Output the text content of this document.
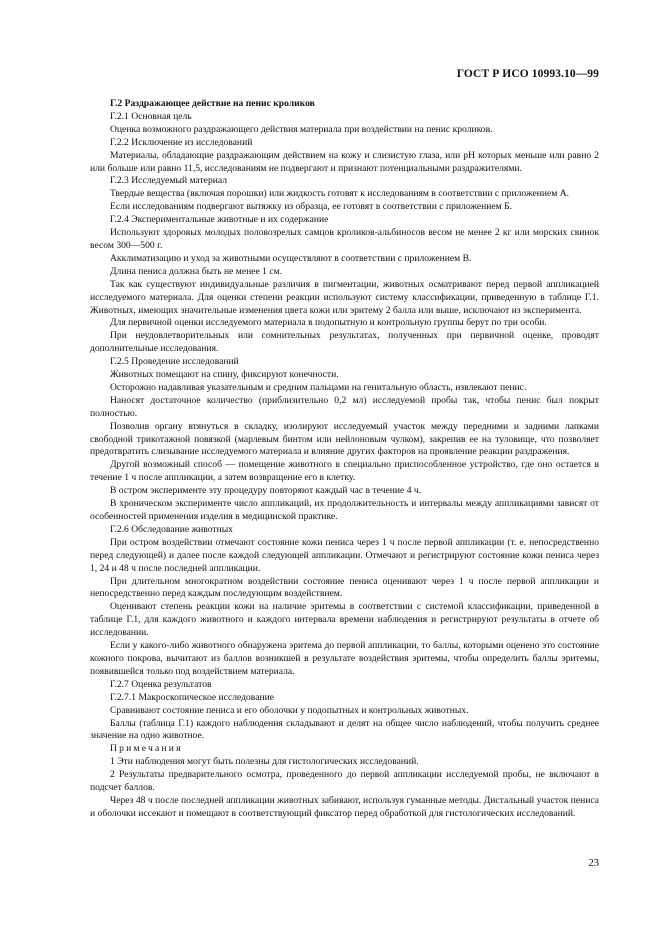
ГОСТ Р ИСО 10993.10—99

Г.2 Раздражающее действие на пенис кроликов

Г.2.1 Основная цель

Оценка возможного раздражающего действия материала при воздействии на пенис кроликов.

Г.2.2 Исключение из исследований

Материалы, обладающие раздражающим действием на кожу и слизистую глаза, или pH которых меньше или равно 2 или больше или равно 11,5, исследованиям не подвергают и признают потенциальными раздражителями.

Г.2.3 Исследуемый материал

Твердые вещества (включая порошки) или жидкость готовят к исследованиям в соответствии с приложением А.

Если исследованиям подвергают вытяжку из образца, ее готовят в соответствии с приложением Б.

Г.2.4 Экспериментальные животные и их содержание

Используют здоровых молодых половозрелых самцов кроликов-альбиносов весом не менее 2 кг или морских свинок весом 300—500 г.

Акклиматизацию и уход за животными осуществляют в соответствии с приложением В.

Длина пениса должна быть не менее 1 см.

Так как существуют индивидуальные различия в пигментации, животных осматривают перед первой аппликацией исследуемого материала. Для оценки степени реакции используют систему классификации, приведенную в таблице Г.1. Животных, имеющих значительные изменения цвета кожи или эритему 2 балла или выше, исключают из эксперимента.

Для первичной оценки исследуемого материала в подопытную и контрольную группы берут по три особи.

При неудовлетворительных или сомнительных результатах, полученных при первичной оценке, проводят дополнительные исследования.

Г.2.5 Проведение исследований

Животных помещают на спину, фиксируют конечности.

Осторожно надавливая указательным и средним пальцами на генитальную область, извлекают пенис.

Наносят достаточное количество (приблизительно 0,2 мл) исследуемой пробы так, чтобы пенис был покрыт полностью.

Позволив органу втянуться в складку, изолируют исследуемый участок между передними и задними лапками свободной трикотажной повязкой (марлевым бинтом или нейлоновым чулком), закрепив ее на туловище, что позволяет предотвратить слизывание исследуемого материала и влияние других факторов на проявление реакции раздражения.

Другой возможный способ — помещение животного в специально приспособленное устройство, где оно остается в течение 1 ч после аппликации, а затем возвращение его в клетку.

В остром эксперименте эту процедуру повторяют каждый час в течение 4 ч.

В хроническом эксперименте число аппликаций, их продолжительность и интервалы между аппликациями зависят от особенностей применения изделия в медицинской практике.

Г.2.6 Обследование животных

При остром воздействии отмечают состояние кожи пениса через 1 ч после первой аппликации (т. е. непосредственно перед следующей) и далее после каждой следующей аппликации. Отмечают и регистрируют состояние кожи пениса через 1, 24 и 48 ч после последней аппликации.

При длительном многократном воздействии состояние пениса оценивают через 1 ч после первой аппликации и непосредственно перед каждым последующим воздействием.

Оценивают степень реакции кожи на наличие эритемы в соответствии с системой классификации, приведенной в таблице Г.1, для каждого животного и каждого интервала времени наблюдения и регистрируют результаты в отчете об исследовании.

Если у какого-либо животного обнаружена эритема до первой аппликации, то баллы, которыми оценено это состояние кожного покрова, вычитают из баллов возникшей в результате воздействия эритемы, чтобы определить баллы эритемы, появившейся только под воздействием материала.

Г.2.7 Оценка результатов

Г.2.7.1 Макроскопическое исследование

Сравнивают состояние пениса и его оболочки у подопытных и контрольных животных.

Баллы (таблица Г.1) каждого наблюдения складывают и делят на общее число наблюдений, чтобы получить среднее значение на одно животное.

Примечания

1 Эти наблюдения могут быть полезны для гистологических исследований.

2 Результаты предварительного осмотра, проведенного до первой аппликации исследуемой пробы, не включают в подсчет баллов.

Через 48 ч после последней аппликации животных забивают, используя гуманные методы. Дистальный участок пениса и оболочки иссекают и помещают в соответствующий фиксатор перед обработкой для гистологических исследований.

23
